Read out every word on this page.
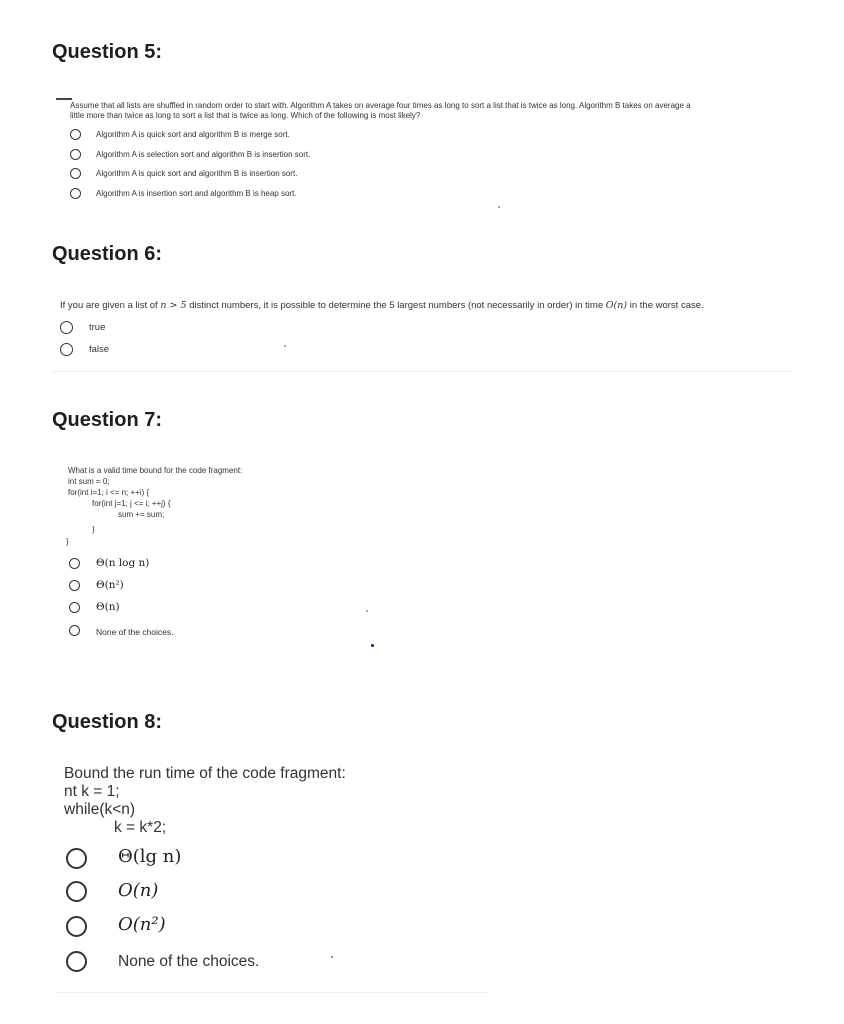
Question 5:
Assume that all lists are shuffled in random order to start with. Algorithm A takes on average four times as long to sort a list that is twice as long. Algorithm B takes on average a
little more than twice as long to sort a list that is twice as long. Which of the following is most likely?
Algorithm A is quick sort and algorithm B is merge sort.
Algorithm A is selection sort and algorithm B is insertion sort.
Algorithm A is quick sort and algorithm B is insertion sort.
Algorithm A is insertion sort and algorithm B is heap sort.
Question 6:
If you are given a list of n > 5 distinct numbers, it is possible to determine the 5 largest numbers (not necessarily in order) in time O(n) in the worst case.
true
false
Question 7:
What is a valid time bound for the code fragment:
int sum = 0;
for(int i=1; i <= n; ++i) {
for(int j=1; j <= i; ++j) {
sum += sum;
}
}
Θ(n log n)
Θ(n²)
Θ(n)
None of the choices.
Question 8:
Bound the run time of the code fragment:
nt k = 1;
while(k<n)
k = k*2;
Θ(lg n)
O(n)
O(n²)
None of the choices.
